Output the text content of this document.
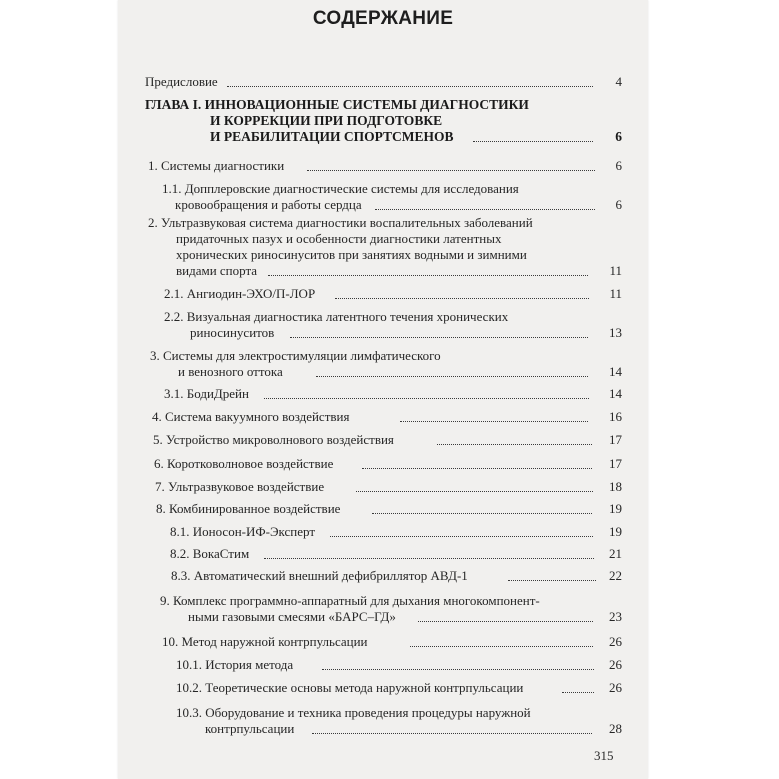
СОДЕРЖАНИЕ
Предисловие	4
ГЛАВА I. ИННОВАЦИОННЫЕ СИСТЕМЫ ДИАГНОСТИКИ
И КОРРЕКЦИИ ПРИ ПОДГОТОВКЕ
И РЕАБИЛИТАЦИИ СПОРТСМЕНОВ	6
1. Системы диагностики	6
1.1. Допплеровские диагностические системы для исследования
кровообращения и работы сердца	6
2. Ультразвуковая система диагностики воспалительных заболеваний
придаточных пазух и особенности диагностики латентных
хронических риносинуситов при занятиях водными и зимними
видами спорта	11
2.1. Ангиодин-ЭХО/П-ЛОР	11
2.2. Визуальная диагностика латентного течения хронических
риносинуситов	13
3. Системы для электростимуляции лимфатического
и венозного оттока	14
3.1. БодиДрейн	14
4. Система вакуумного воздействия	16
5. Устройство микроволнового воздействия	17
6. Коротковолновое воздействие	17
7. Ультразвуковое воздействие	18
8. Комбинированное воздействие	19
8.1. Ионосон-ИФ-Эксперт	19
8.2. ВокаСтим	21
8.3. Автоматический внешний дефибриллятор АВД-1	22
9. Комплекс программно-аппаратный для дыхания многокомпонент-
ными газовыми смесями «БАРС–ГД»	23
10. Метод наружной контрпульсации	26
10.1. История метода	26
10.2. Теоретические основы метода наружной контрпульсации	26
10.3. Оборудование и техника проведения процедуры наружной
контрпульсации	28
315
